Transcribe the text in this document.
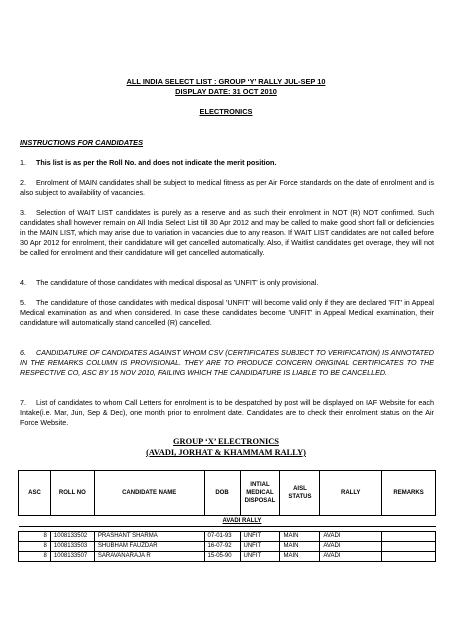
ALL INDIA SELECT LIST : GROUP ‘Y’ RALLY JUL-SEP 10
DISPLAY DATE: 31 OCT 2010
ELECTRONICS
INSTRUCTIONS FOR CANDIDATES
1. This list is as per the Roll No. and does not indicate the merit position.
2. Enrolment of MAIN candidates shall be subject to medical fitness as per Air Force standards on the date of enrolment and is also subject to availability of vacancies.
3. Selection of WAIT LIST candidates is purely as a reserve and as such their enrolment in NOT (R) NOT confirmed. Such candidates shall however remain on All India Select List till 30 Apr 2012 and may be called to make good short fall or deficiencies in the MAIN LIST, which may arise due to variation in vacancies due to any reason. If WAIT LIST candidates are not called before 30 Apr 2012 for enrolment, their candidature will get cancelled automatically. Also, if Waitlist candidates get overage, they will not be called for enrolment and their candidature will get cancelled automatically.
4. The candidature of those candidates with medical disposal as 'UNFIT' is only provisional.
5. The candidature of those candidates with medical disposal 'UNFIT' will become valid only if they are declared 'FIT' in Appeal Medical examination as and when considered. In case these candidates become 'UNFIT' in Appeal Medical examination, their candidature will automatically stand cancelled (R) cancelled.
6. CANDIDATURE OF CANDIDATES AGAINST WHOM CSV (CERTIFICATES SUBJECT TO VERIFICATION) IS ANNOTATED IN THE REMARKS COLUMN IS PROVISIONAL. THEY ARE TO PRODUCE CONCERN ORIGINAL CERTIFICATES TO THE RESPECTIVE CO, ASC BY 15 NOV 2010, FAILING WHICH THE CANDIDATURE IS LIABLE TO BE CANCELLED.
7. List of candidates to whom Call Letters for enrolment is to be despatched by post will be displayed on IAF Website for each Intake(i.e. Mar, Jun, Sep & Dec), one month prior to enrolment date. Candidates are to check their enrolment status on the Air Force Website.
GROUP ‘X’ ELECTRONICS
(AVADI, JORHAT & KHAMMAM RALLY)
ASC	ROLL NO	CANDIDATE NAME	DOB	INTIAL MEDICAL DISPOSAL	AISL STATUS	RALLY	REMARKS
			AVADI RALLY				

8	1008133502	PRASHANT SHARMA	07-01-93	UNFIT	MAIN	AVADI	
8	1008133503	SHUBHAM FAUZDAR	16-07-92	UNFIT	MAIN	AVADI	
8	1008133507	SARAVANARAJA R	15-05-90	UNFIT	MAIN	AVADI	
